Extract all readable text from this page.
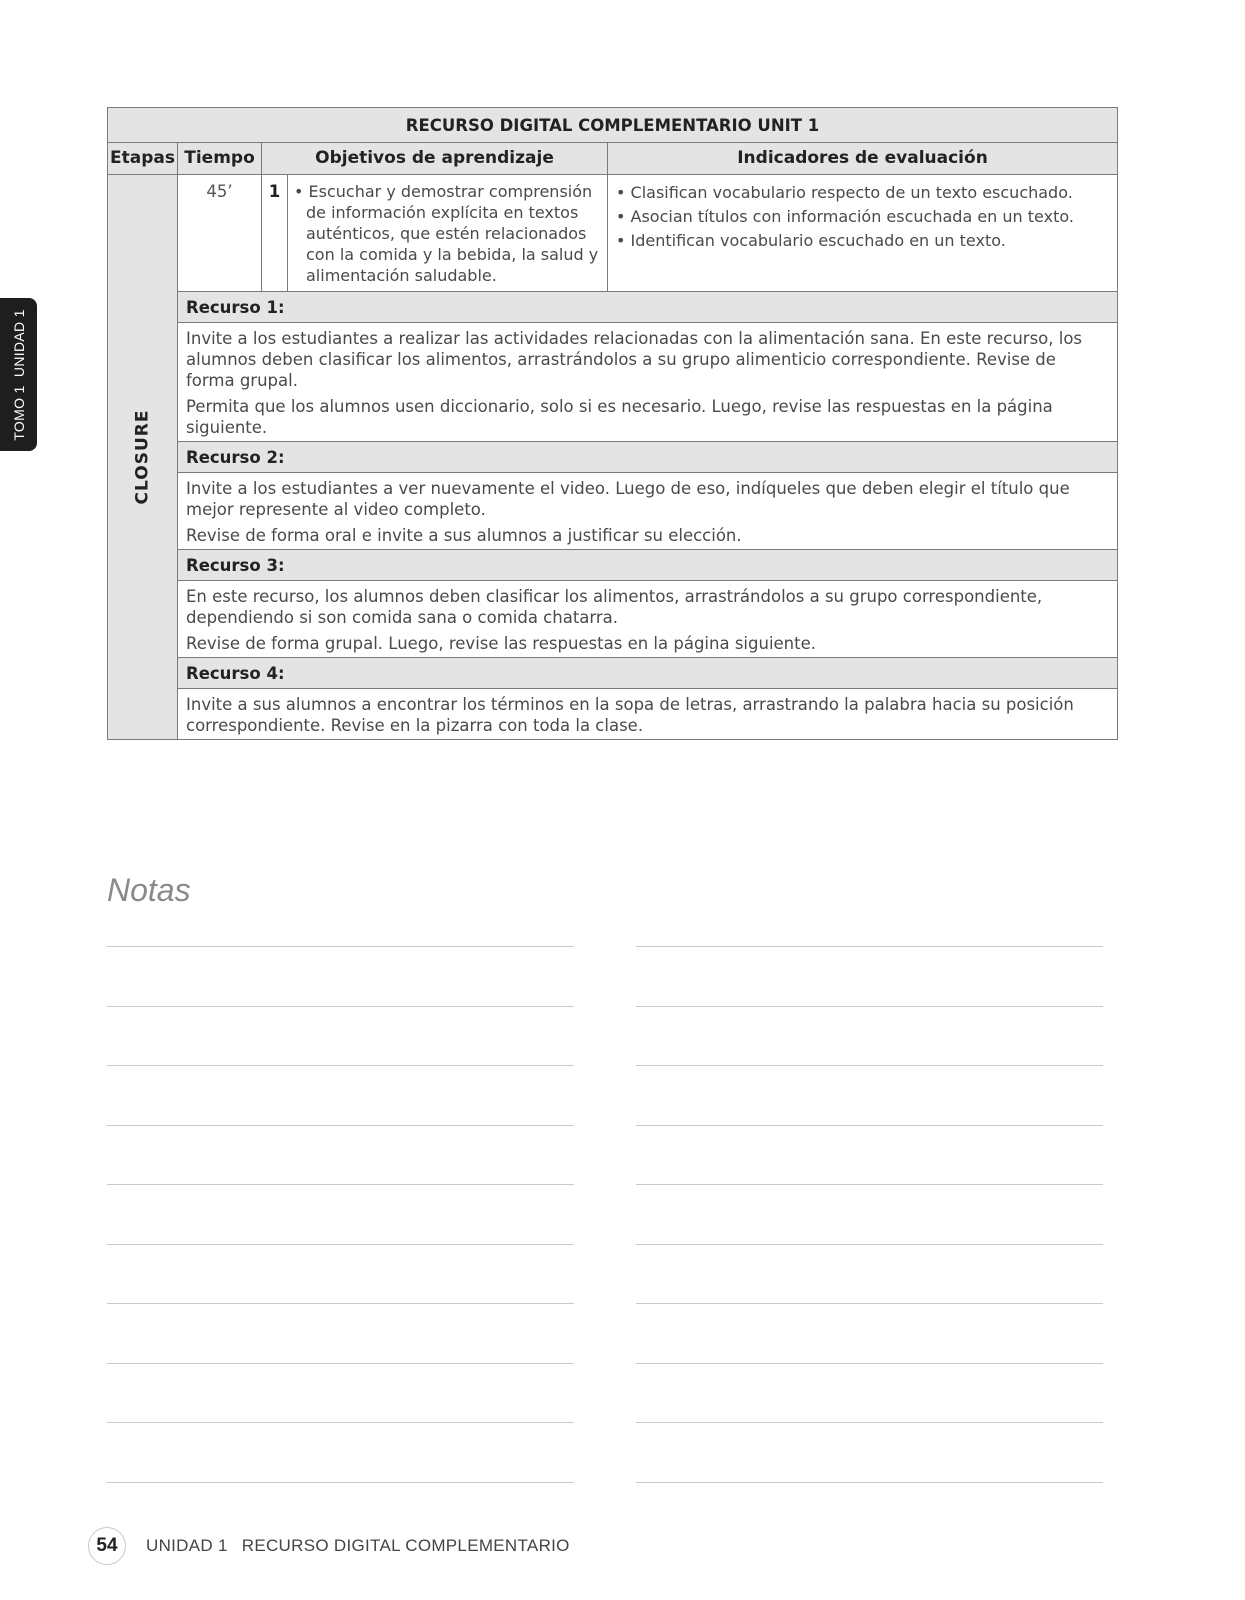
TOMO 1  UNIDAD 1
RECURSO DIGITAL COMPLEMENTARIO UNIT 1				
Etapas	Tiempo	Objetivos de aprendizaje		Indicadores de evaluación

CLOSURE	45’	1	• Escuchar y demostrar comprensión de información explícita en textos auténticos, que estén relacionados con la comida y la bebida, la salud y alimentación saludable.	• Clasifican vocabulario respecto de un texto escuchado.
• Asocian títulos con información escuchada en un texto.
• Identifican vocabulario escuchado en un texto.

	Recurso 1:			

	Invite a los estudiantes a realizar las actividades relacionadas con la alimentación sana. En este recurso, los alumnos deben clasificar los alimentos, arrastrándolos a su grupo alimenticio correspondiente. Revise de forma grupal.

Permita que los alumnos usen diccionario, solo si es necesario. Luego, revise las respuestas en la página siguiente.			

	Recurso 2:			

	Invite a los estudiantes a ver nuevamente el video. Luego de eso, indíqueles que deben elegir el título que mejor represente al video completo.

Revise de forma oral e invite a sus alumnos a justificar su elección.			

	Recurso 3:			

	En este recurso, los alumnos deben clasificar los alimentos, arrastrándolos a su grupo correspondiente, dependiendo si son comida sana o comida chatarra.

Revise de forma grupal. Luego, revise las respuestas en la página siguiente.			

	Recurso 4:			

	Invite a sus alumnos a encontrar los términos en la sopa de letras, arrastrando la palabra hacia su posición correspondiente. Revise en la pizarra con toda la clase.			

Notas
54	UNIDAD 1 RECURSO DIGITAL COMPLEMENTARIO
